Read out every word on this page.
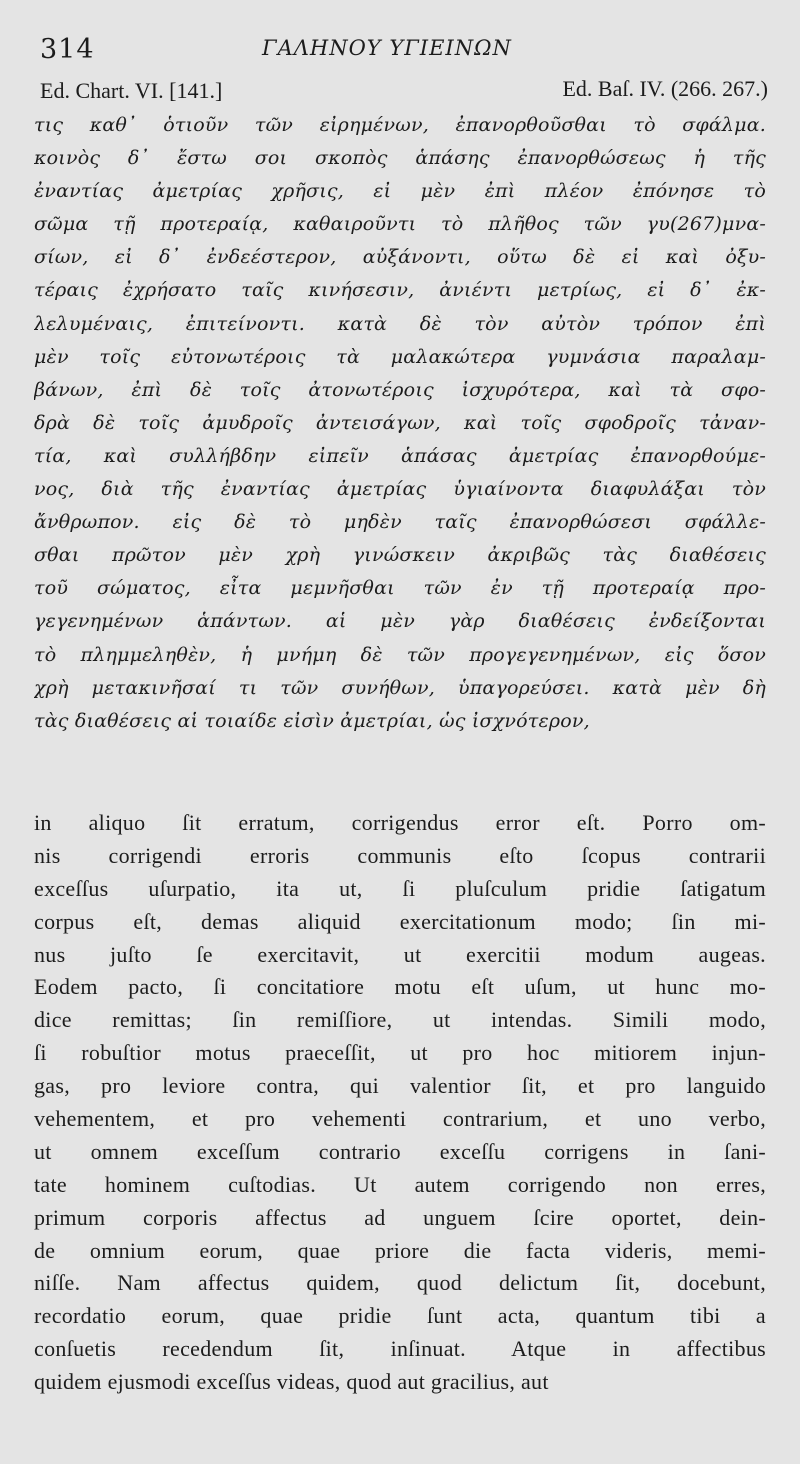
314	ΓΑΛΗΝΟΥ ΥΓΙΕΙΝΩΝ
Ed. Chart. VI. [141.]	Ed. Baſ. IV. (266. 267.)
τις καθ᾽ ὁτιοῦν τῶν εἰρημένων, ἐπανορθοῦσθαι τὸ σφάλμα.
κοινὸς δ᾽ ἔστω σοι σκοπὸς ἁπάσης ἐπανορθώσεως ἡ τῆς
ἐναντίας ἀμετρίας χρῆσις, εἰ μὲν ἐπὶ πλέον ἐπόνησε τὸ
σῶμα τῇ προτεραίᾳ, καθαιροῦντι τὸ πλῆθος τῶν γυ(267)μνα-
σίων, εἰ δ᾽ ἐνδεέστερον, αὐξάνοντι, οὕτω δὲ εἰ καὶ ὀξυ-
τέραις ἐχρήσατο ταῖς κινήσεσιν, ἀνιέντι μετρίως, εἰ δ᾽ ἐκ-
λελυμέναις, ἐπιτείνοντι. κατὰ δὲ τὸν αὐτὸν τρόπον ἐπὶ
μὲν τοῖς εὐτονωτέροις τὰ μαλακώτερα γυμνάσια παραλαμ-
βάνων, ἐπὶ δὲ τοῖς ἀτονωτέροις ἰσχυρότερα, καὶ τὰ σφο-
δρὰ δὲ τοῖς ἀμυδροῖς ἀντεισάγων, καὶ τοῖς σφοδροῖς τἀναν-
τία, καὶ συλλήβδην εἰπεῖν ἁπάσας ἀμετρίας ἐπανορθούμε-
νος, διὰ τῆς ἐναντίας ἀμετρίας ὑγιαίνοντα διαφυλάξαι τὸν
ἄνθρωπον. εἰς δὲ τὸ μηδὲν ταῖς ἐπανορθώσεσι σφάλλε-
σθαι πρῶτον μὲν χρὴ γινώσκειν ἀκριβῶς τὰς διαθέσεις
τοῦ σώματος, εἶτα μεμνῆσθαι τῶν ἐν τῇ προτεραίᾳ προ-
γεγενημένων ἁπάντων. αἱ μὲν γὰρ διαθέσεις ἐνδείξονται
τὸ πλημμεληθὲν, ἡ μνήμη δὲ τῶν προγεγενημένων, εἰς ὅσον
χρὴ μετακινῆσαί τι τῶν συνήθων, ὑπαγορεύσει. κατὰ μὲν δὴ
τὰς διαθέσεις αἱ τοιαίδε εἰσὶν ἀμετρίαι, ὡς ἰσχνότερον,
in aliquo ſit erratum, corrigendus error eſt. Porro om-
nis corrigendi erroris communis eſto ſcopus contrarii
exceſſus uſurpatio, ita ut, ſi pluſculum pridie ſatigatum
corpus eſt, demas aliquid exercitationum modo; ſin mi-
nus juſto ſe exercitavit, ut exercitii modum augeas.
Eodem pacto, ſi concitatiore motu eſt uſum, ut hunc mo-
dice remittas; ſin remiſſiore, ut intendas. Simili modo,
ſi robuſtior motus praeceſſit, ut pro hoc mitiorem injun-
gas, pro leviore contra, qui valentior ſit, et pro languido
vehementem, et pro vehementi contrarium, et uno verbo,
ut omnem exceſſum contrario exceſſu corrigens in ſani-
tate hominem cuſtodias. Ut autem corrigendo non erres,
primum corporis affectus ad unguem ſcire oportet, dein-
de omnium eorum, quae priore die facta videris, memi-
niſſe. Nam affectus quidem, quod delictum ſit, docebunt,
recordatio eorum, quae pridie ſunt acta, quantum tibi a
conſuetis recedendum ſit, inſinuat. Atque in affectibus
quidem ejusmodi exceſſus videas, quod aut gracilius, aut
